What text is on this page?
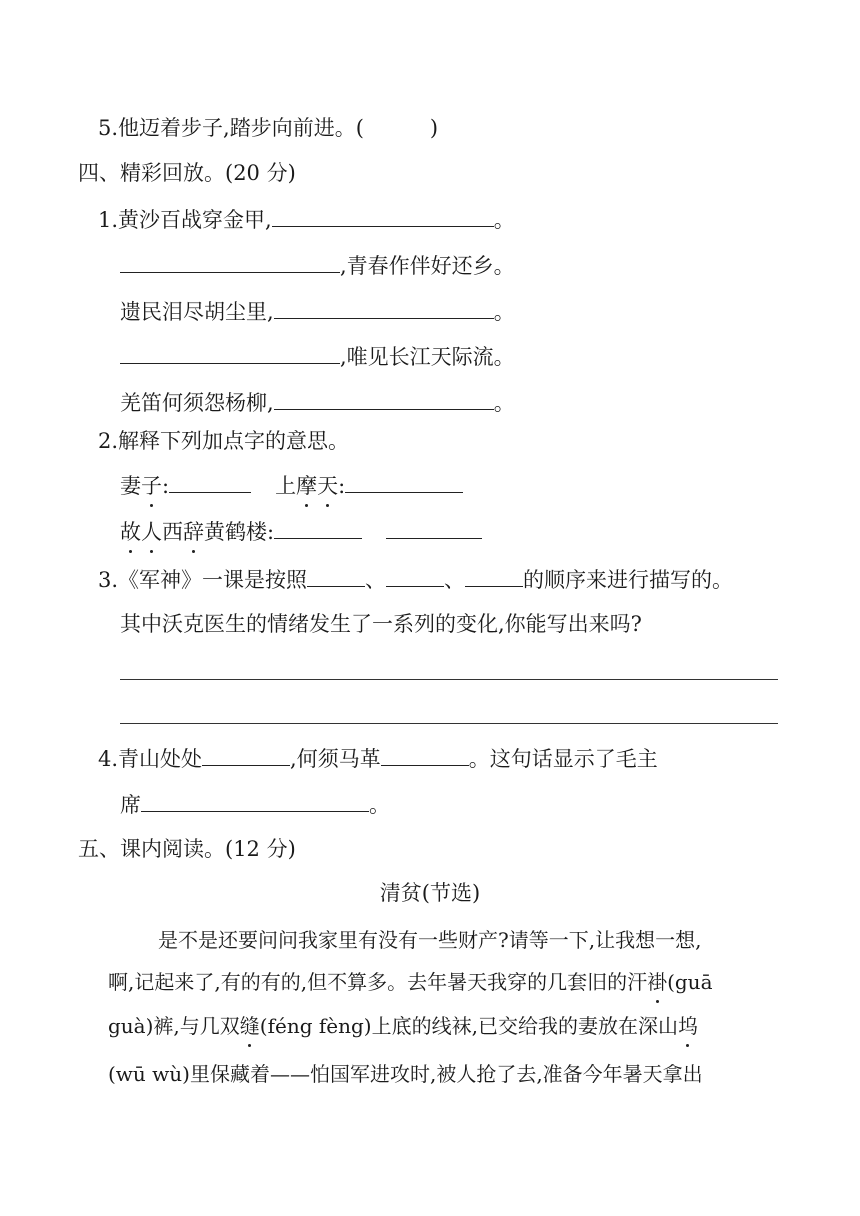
5.他迈着步子,踏步向前进。(	)
四、精彩回放。(20 分)
1.黄沙百战穿金甲,	。
,青春作伴好还乡。
遗民泪尽胡尘里,	。
,唯见长江天际流。
羌笛何须怨杨柳,	。
2.解释下列加点字的意思。
妻子:	上摩天:
故人西辞黄鹤楼:
3.《军神》一课是按照	、	、	的顺序来进行描写的。
其中沃克医生的情绪发生了一系列的变化,你能写出来吗?
4.青山处处	,何须马革	。这句话显示了毛主
席	。
五、课内阅读。(12 分)
清贫(节选)
是不是还要问问我家里有没有一些财产?请等一下,让我想一想,
啊,记起来了,有的有的,但不算多。去年暑天我穿的几套旧的汗褂(guā
guà)裤,与几双缝(féng fèng)上底的线袜,已交给我的妻放在深山坞
(wū wù)里保藏着——怕国军进攻时,被人抢了去,准备今年暑天拿出
